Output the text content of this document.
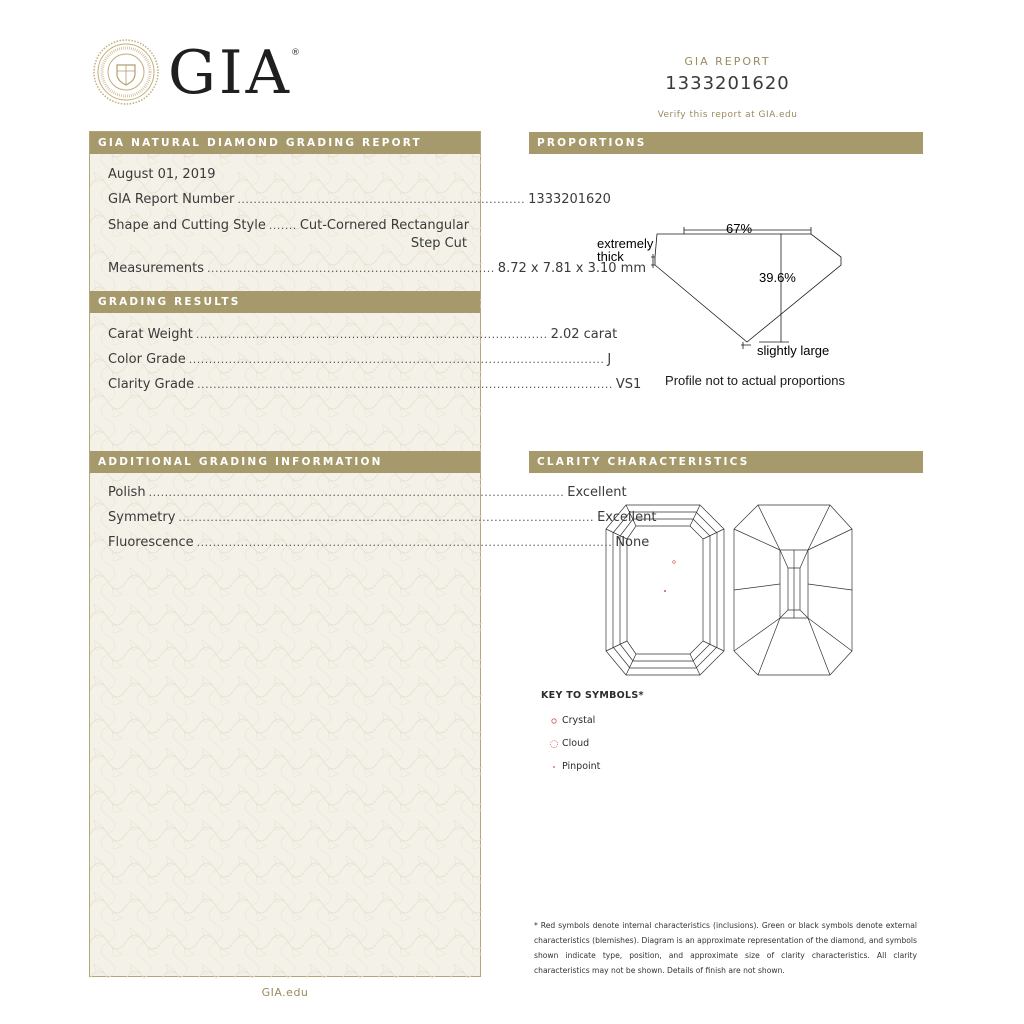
GIA ®
GIA REPORT
1333201620
Verify this report at GIA.edu
GIA NATURAL DIAMOND GRADING REPORT
August 01, 2019
GIA Report Number ........................................................................ 1333201620
Shape and Cutting Style ....... Cut-Cornered Rectangular
Step Cut
Measurements ........................................................................ 8.72 x 7.81 x 3.10 mm
GRADING RESULTS
Carat Weight ........................................................................................ 2.02 carat
Color Grade ........................................................................................................ J
Clarity Grade ........................................................................................................ VS1
ADDITIONAL GRADING INFORMATION
Polish ........................................................................................................ Excellent
Symmetry ........................................................................................................ Excellent
Fluorescence ........................................................................................................ None
GIA.edu
PROPORTIONS
67%
39.6%
extremely
thick
slightly large
Profile not to actual proportions
CLARITY CHARACTERISTICS
KEY TO SYMBOLS*
Crystal
Cloud
Pinpoint
* Red symbols denote internal characteristics (inclusions). Green or black symbols denote external characteristics (blemishes). Diagram is an approximate representation of the diamond, and symbols shown indicate type, position, and approximate size of clarity characteristics. All clarity characteristics may not be shown. Details of finish are not shown.
